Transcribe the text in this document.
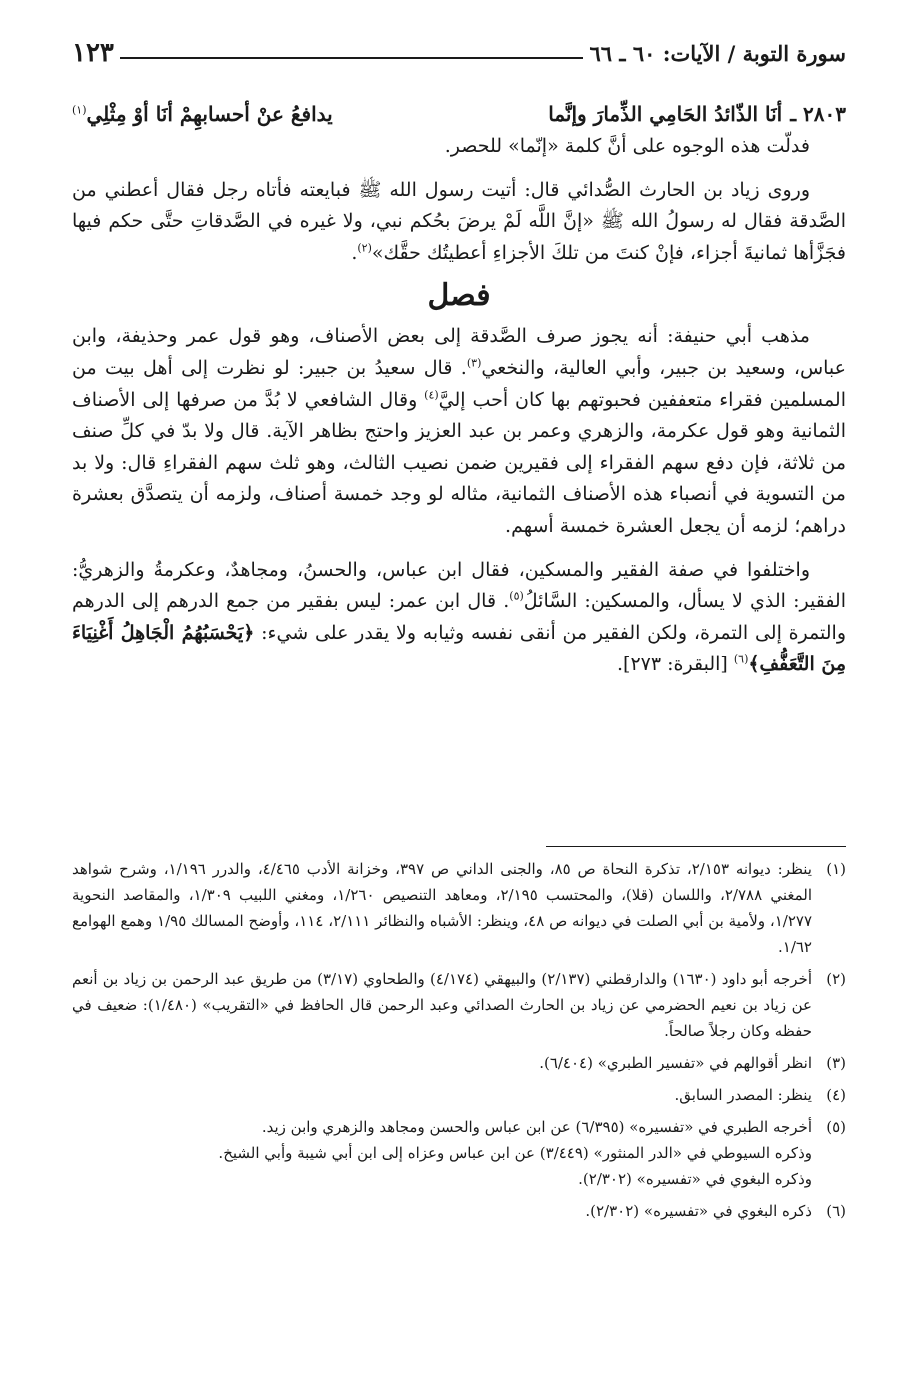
سورة التوبة / الآيات: ٦٠ ـ ٦٦
١٢٣
٢٨٠٣ ـ
أنَا الذّائدُ الحَامِي الذِّمارَ وإنَّما
يدافعُ عنْ أحسابهِمْ أنَا أوْ مِثْلِي$^{(١)}$

فدلّت هذه الوجوه على أنَّ كلمة «إنّما» للحصر.

وروى زياد بن الحارث الصُّدائي قال: أتيت رسول الله ﷺ فبايعته فأتاه رجل فقال أعطني من الصَّدقة فقال له رسولُ الله ﷺ «إنَّ اللَّه لَمْ يرضَ بحُكم نبي، ولا غيره في الصَّدقاتِ حتَّى حكم فيها فجَزَّأها ثمانيةَ أجزاء، فإنْ كنتَ من تلكَ الأجزاءِ أعطيتُك حقَّك»$^{(٢)}$.

فصل

مذهب أبي حنيفة: أنه يجوز صرف الصَّدقة إلى بعض الأصناف، وهو قول عمر وحذيفة، وابن عباس، وسعيد بن جبير، وأبي العالية، والنخعي$^{(٣)}$. قال سعيدُ بن جبير: لو نظرت إلى أهل بيت من المسلمين فقراء متعففين فحبوتهم بها كان أحب إليَّ$^{(٤)}$ وقال الشافعي لا بُدَّ من صرفها إلى الأصناف الثمانية وهو قول عكرمة، والزهري وعمر بن عبد العزيز واحتج بظاهر الآية. قال ولا بدّ في كلِّ صنف من ثلاثة، فإن دفع سهم الفقراء إلى فقيرين ضمن نصيب الثالث، وهو ثلث سهم الفقراءِ قال: ولا بد من التسوية في أنصباء هذه الأصناف الثمانية، مثاله لو وجد خمسة أصناف، ولزمه أن يتصدَّق بعشرة دراهم؛ لزمه أن يجعل العشرة خمسة أسهم.

واختلفوا في صفة الفقير والمسكين، فقال ابن عباس، والحسنُ، ومجاهدٌ، وعكرمةُ والزهريُّ: الفقير: الذي لا يسأل، والمسكين: السَّائلُ$^{(٥)}$. قال ابن عمر: ليس بفقير من جمع الدرهم إلى الدرهم والتمرة إلى التمرة، ولكن الفقير من أنقى نفسه وثيابه ولا يقدر على شيء: ﴿يَحْسَبُهُمُ الْجَاهِلُ أَغْنِيَاءَ مِنَ التَّعَفُّفِ﴾$^{(٦)}$ [البقرة: ٢٧٣].

(١)

ينظر: ديوانه ٢/١٥٣، تذكرة النحاة ص ٨٥، والجنى الداني ص ٣٩٧، وخزانة الأدب ٤/٤٦٥، والدرر ١/١٩٦، وشرح شواهد المغني ٢/٧٨٨، واللسان (قلا)، والمحتسب ٢/١٩٥، ومعاهد التنصيص ١/٢٦٠، ومغني اللبيب ١/٣٠٩، والمقاصد النحوية ١/٢٧٧، ولأمية بن أبي الصلت في ديوانه ص ٤٨، وينظر: الأشباه والنظائر ٢/١١١، ١١٤، وأوضح المسالك ١/٩٥ وهمع الهوامع ١/٦٢.

(٢)

أخرجه أبو داود (١٦٣٠) والدارقطني (٢/١٣٧) والبيهقي (٤/١٧٤) والطحاوي (٣/١٧) من طريق عبد الرحمن بن زياد بن أنعم عن زياد بن نعيم الحضرمي عن زياد بن الحارث الصدائي وعبد الرحمن قال الحافظ في «التقريب» (١/٤٨٠): ضعيف في حفظه وكان رجلاً صالحاً.

(٣)

انظر أقوالهم في «تفسير الطبري» (٦/٤٠٤).

(٤)

ينظر: المصدر السابق.

(٥)

أخرجه الطبري في «تفسيره» (٦/٣٩٥) عن ابن عباس والحسن ومجاهد والزهري وابن زيد.

وذكره السيوطي في «الدر المنثور» (٣/٤٤٩) عن ابن عباس وعزاه إلى ابن أبي شيبة وأبي الشيخ.

وذكره البغوي في «تفسيره» (٢/٣٠٢).

(٦)

ذكره البغوي في «تفسيره» (٢/٣٠٢).
